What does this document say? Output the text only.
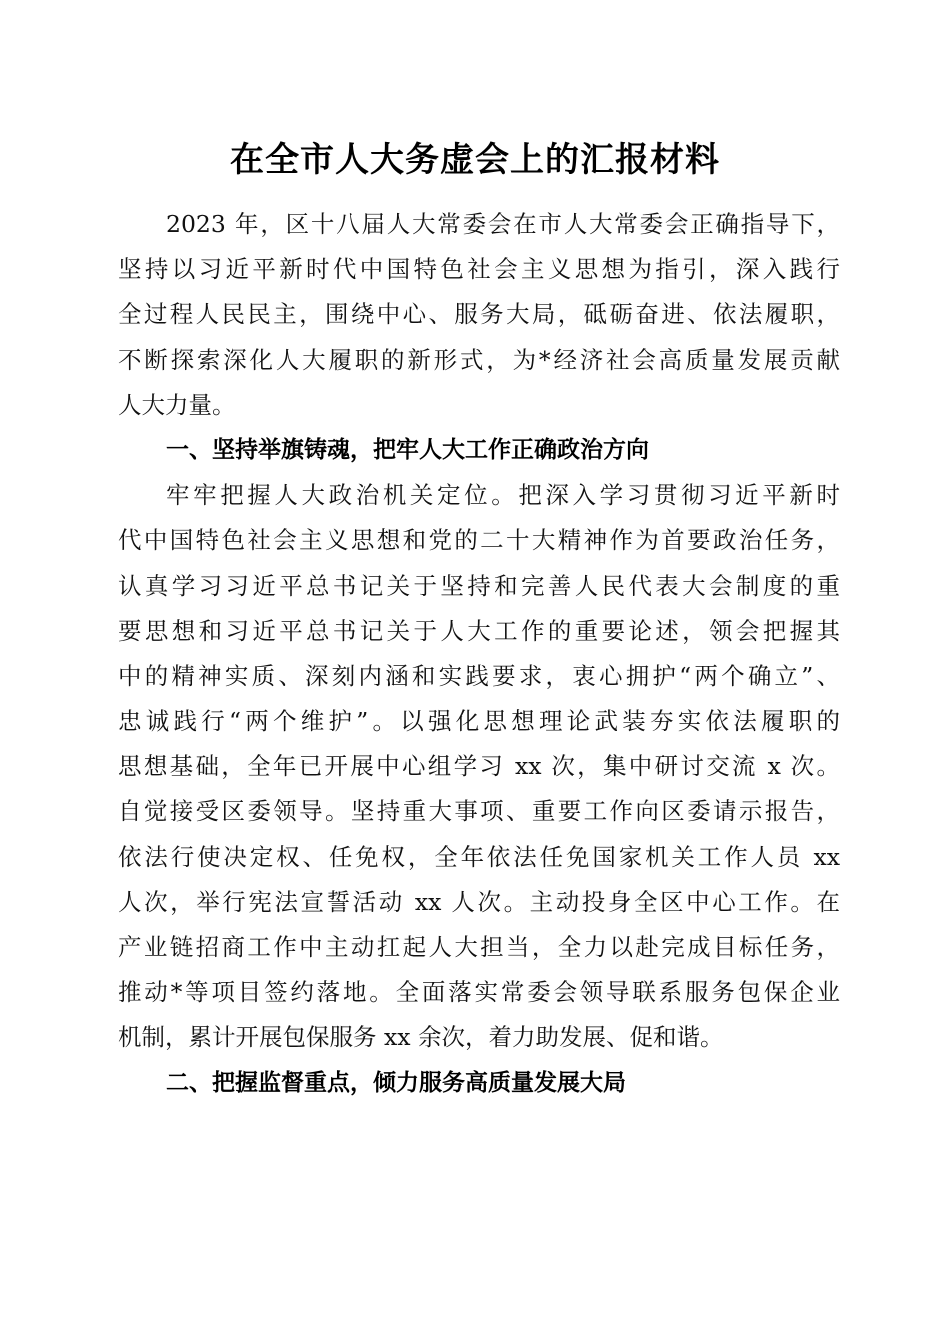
在全市人大务虚会上的汇报材料
2023 年，区十八届人大常委会在市人大常委会正确指导下，
坚持以习近平新时代中国特色社会主义思想为指引，深入践行
全过程人民民主，围绕中心、服务大局，砥砺奋进、依法履职，
不断探索深化人大履职的新形式，为*经济社会高质量发展贡献
人大力量。
一、坚持举旗铸魂，把牢人大工作正确政治方向
牢牢把握人大政治机关定位。把深入学习贯彻习近平新时
代中国特色社会主义思想和党的二十大精神作为首要政治任务，
认真学习习近平总书记关于坚持和完善人民代表大会制度的重
要思想和习近平总书记关于人大工作的重要论述，领会把握其
中的精神实质、深刻内涵和实践要求，衷心拥护“两个确立”、
忠诚践行“两个维护”。以强化思想理论武装夯实依法履职的
思想基础，全年已开展中心组学习 xx 次，集中研讨交流 x 次。
自觉接受区委领导。坚持重大事项、重要工作向区委请示报告，
依法行使决定权、任免权，全年依法任免国家机关工作人员 xx
人次，举行宪法宣誓活动 xx 人次。主动投身全区中心工作。在
产业链招商工作中主动扛起人大担当，全力以赴完成目标任务，
推动*等项目签约落地。全面落实常委会领导联系服务包保企业
机制，累计开展包保服务 xx 余次，着力助发展、促和谐。
二、把握监督重点，倾力服务高质量发展大局
